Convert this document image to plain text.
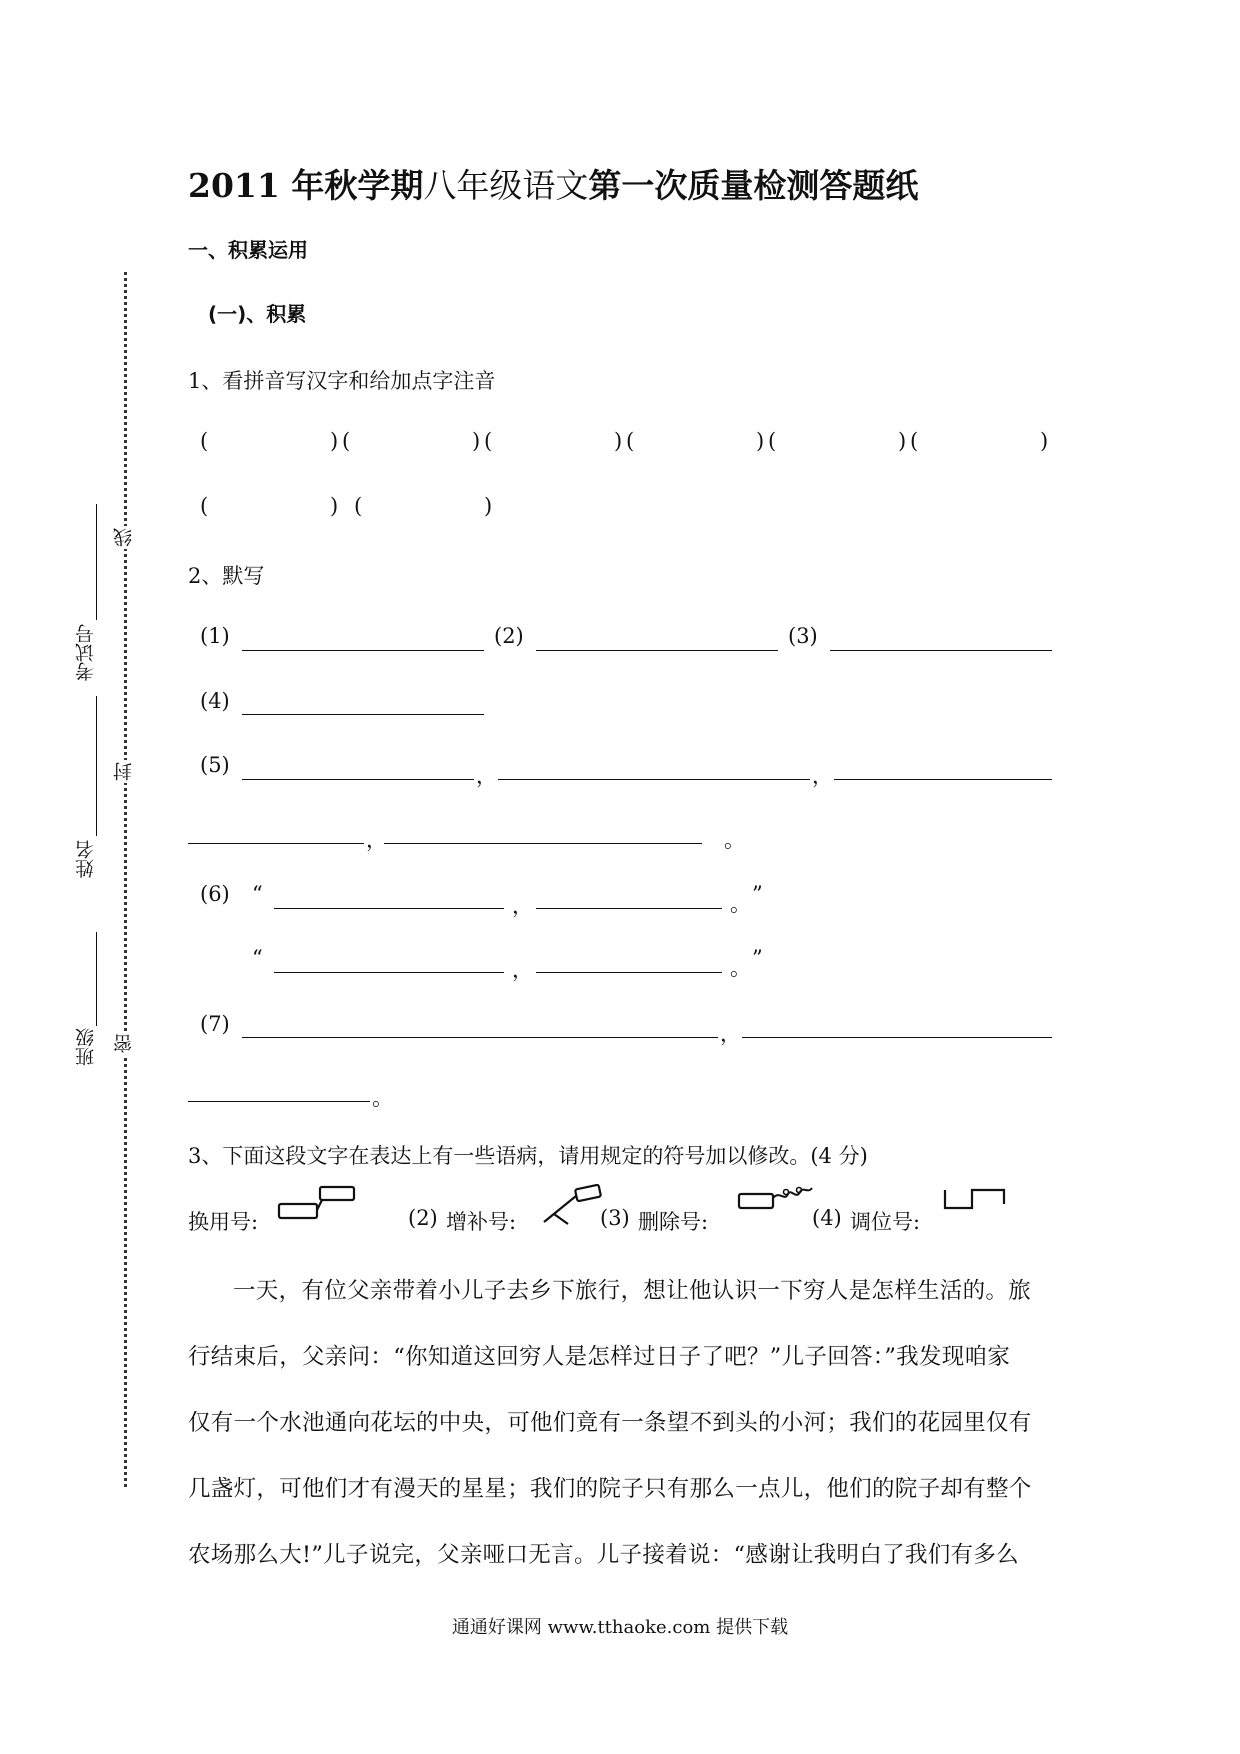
2011 年秋学期八年级语文第一次质量检测答题纸
一、积累运用
(一)、积累
1、看拼音写汉字和给加点字注音
(	) (	) (	) (	) (	) (	)
(	) (	)
2、默写
(1)	(2)	(3)
(4)
(5)	，	，
，	。
(6) “	，	。 ”
“	，	。 ”
(7)	，
。
3、下面这段文字在表达上有一些语病，请用规定的符号加以修改。(4 分)
换用号:	(2) 增补号:	(3) 删除号:	(4) 调位号:
一天，有位父亲带着小儿子去乡下旅行，想让他认识一下穷人是怎样生活的。旅
行结束后，父亲问：“你知道这回穷人是怎样过日子了吧？”儿子回答：”我发现咱家
仅有一个水池通向花坛的中央，可他们竟有一条望不到头的小河；我们的花园里仅有
几盏灯，可他们才有漫天的星星；我们的院子只有那么一点儿，他们的院子却有整个
农场那么大!”儿子说完，父亲哑口无言。儿子接着说：“感谢让我明白了我们有多么
通通好课网 www.tthaoke.com 提供下载
班级
姓名
考试号
密
封
线
